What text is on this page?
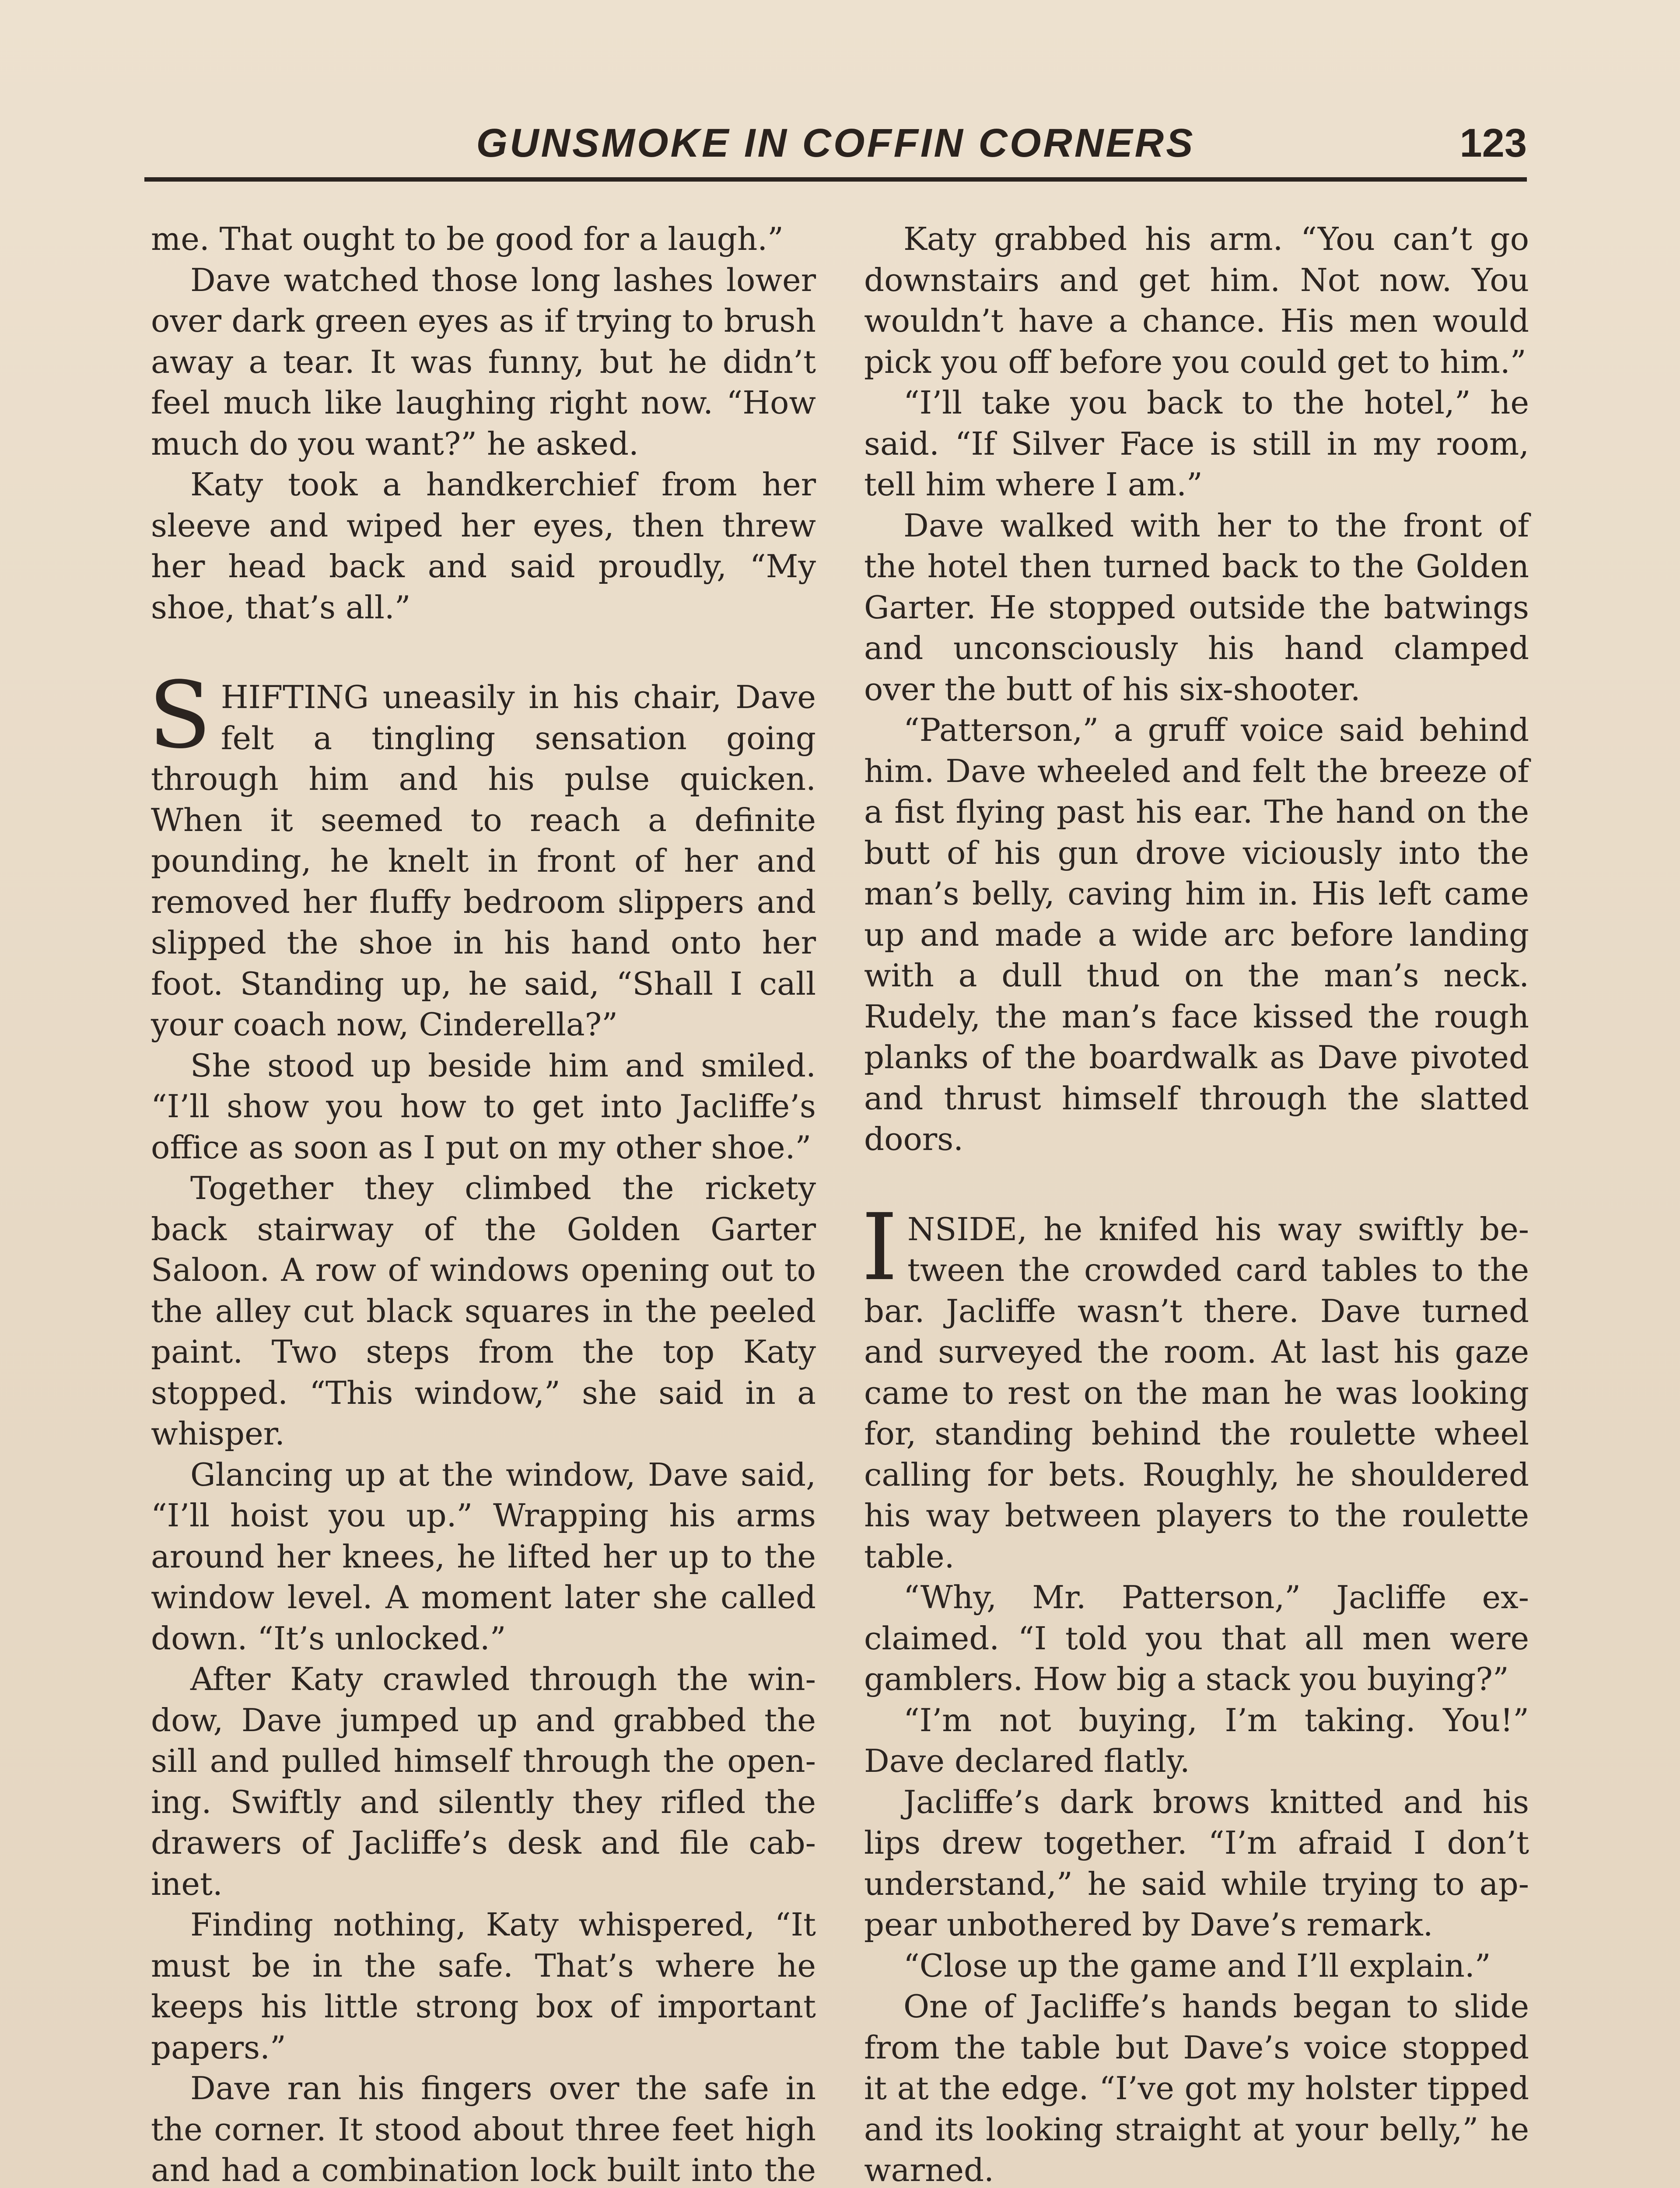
GUNSMOKE IN COFFIN CORNERS	123

me. That ought to be good for a laugh.”

Dave watched those long lashes lower over dark green eyes as if trying to brush away a tear. It was funny, but he didn’t feel much like laughing right now. “How much do you want?” he asked.

Katy took a handkerchief from her sleeve and wiped her eyes, then threw her head back and said proudly, “My shoe, that’s all.”

SHIFTING uneasily in his chair, Dave felt a tingling sensation going through him and his pulse quicken. When it seemed to reach a definite pounding, he knelt in front of her and removed her fluffy bedroom slippers and slipped the shoe in his hand onto her foot. Standing up, he said, “Shall I call your coach now, Cinderella?”

She stood up beside him and smiled. “I’ll show you how to get into Jacliffe’s office as soon as I put on my other shoe.”

Together they climbed the rickety back stairway of the Golden Garter Saloon. A row of windows opening out to the alley cut black squares in the peeled paint. Two steps from the top Katy stopped. “This window,” she said in a whisper.

Glancing up at the window, Dave said, “I’ll hoist you up.” Wrapping his arms around her knees, he lifted her up to the window level. A moment later she called down. “It’s unlocked.”

After Katy crawled through the window, Dave jumped up and grabbed the sill and pulled himself through the opening. Swiftly and silently they rifled the drawers of Jacliffe’s desk and file cabinet.

Finding nothing, Katy whispered, “It must be in the safe. That’s where he keeps his little strong box of important papers.”

Dave ran his fingers over the safe in the corner. It stood about three feet high and had a combination lock built into the

Katy grabbed his arm. “You can’t go downstairs and get him. Not now. You wouldn’t have a chance. His men would pick you off before you could get to him.”

“I’ll take you back to the hotel,” he said. “If Silver Face is still in my room, tell him where I am.”

Dave walked with her to the front of the hotel then turned back to the Golden Garter. He stopped outside the batwings and unconsciously his hand clamped over the butt of his six-shooter.

“Patterson,” a gruff voice said behind him. Dave wheeled and felt the breeze of a fist flying past his ear. The hand on the butt of his gun drove viciously into the man’s belly, caving him in. His left came up and made a wide arc before landing with a dull thud on the man’s neck. Rudely, the man’s face kissed the rough planks of the boardwalk as Dave pivoted and thrust himself through the slatted doors.

INSIDE, he knifed his way swiftly between the crowded card tables to the bar. Jacliffe wasn’t there. Dave turned and surveyed the room. At last his gaze came to rest on the man he was looking for, standing behind the roulette wheel calling for bets. Roughly, he shouldered his way between players to the roulette table.

“Why, Mr. Patterson,” Jacliffe exclaimed. “I told you that all men were gamblers. How big a stack you buying?”

“I’m not buying, I’m taking. You!” Dave declared flatly.

Jacliffe’s dark brows knitted and his lips drew together. “I’m afraid I don’t understand,” he said while trying to appear unbothered by Dave’s remark.

“Close up the game and I’ll explain.”

One of Jacliffe’s hands began to slide from the table but Dave’s voice stopped it at the edge. “I’ve got my holster tipped and its looking straight at your belly,” he warned.
